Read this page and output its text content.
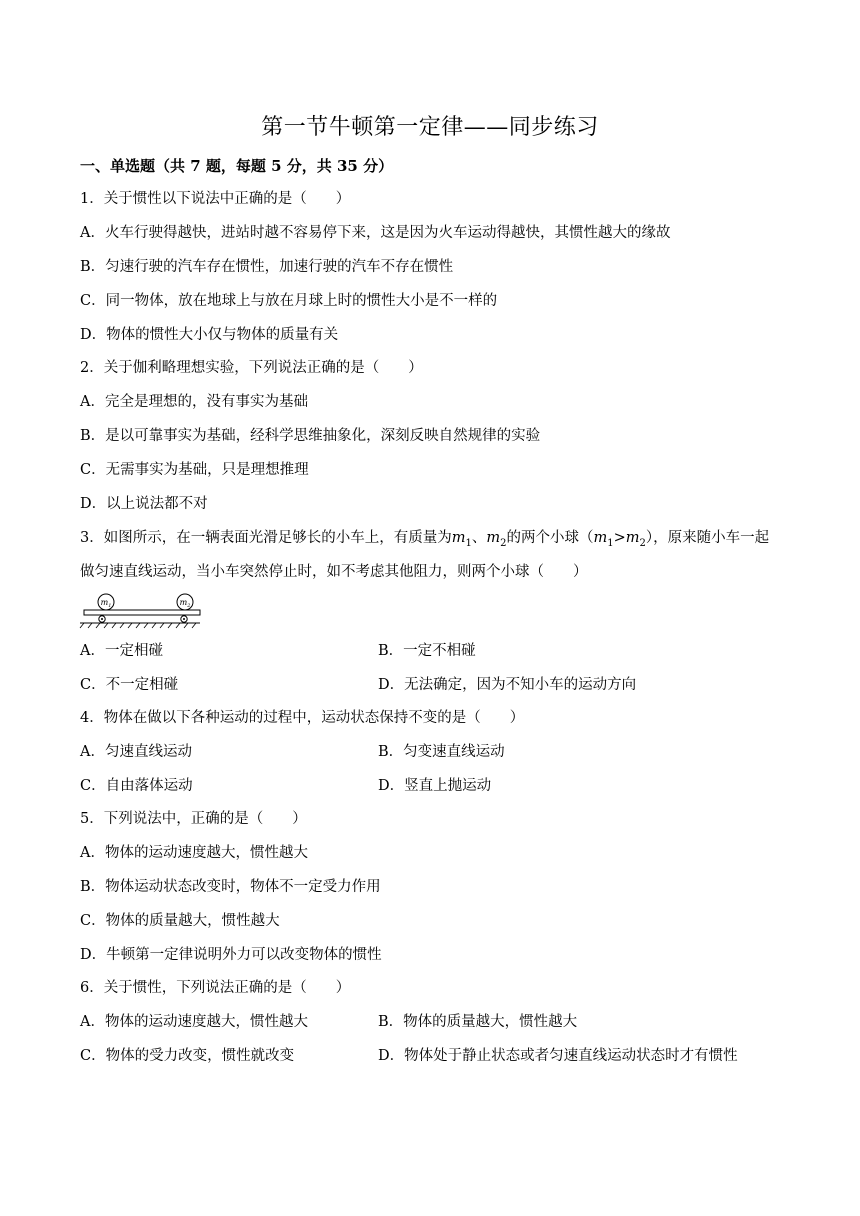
第一节牛顿第一定律——同步练习
一、单选题（共 7 题，每题 5 分，共 35 分）
1．关于惯性以下说法中正确的是（　　）
A．火车行驶得越快，进站时越不容易停下来，这是因为火车运动得越快，其惯性越大的缘故
B．匀速行驶的汽车存在惯性，加速行驶的汽车不存在惯性
C．同一物体，放在地球上与放在月球上时的惯性大小是不一样的
D．物体的惯性大小仅与物体的质量有关
2．关于伽利略理想实验，下列说法正确的是（　　）
A．完全是理想的，没有事实为基础
B．是以可靠事实为基础，经科学思维抽象化，深刻反映自然规律的实验
C．无需事实为基础，只是理想推理
D．以上说法都不对
3．如图所示，在一辆表面光滑足够长的小车上，有质量为$m_1$、$m_2$的两个小球$(m_1>m_2)$，原来随小车一起
做匀速直线运动，当小车突然停止时，如不考虑其他阻力，则两个小球（　　）
$m_1$	$m_2$
A．一定相碰	B．一定不相碰
C．不一定相碰	D．无法确定，因为不知小车的运动方向
4．物体在做以下各种运动的过程中，运动状态保持不变的是（　　）
A．匀速直线运动	B．匀变速直线运动
C．自由落体运动	D．竖直上抛运动
5．下列说法中，正确的是（　　）
A．物体的运动速度越大，惯性越大
B．物体运动状态改变时，物体不一定受力作用
C．物体的质量越大，惯性越大
D．牛顿第一定律说明外力可以改变物体的惯性
6．关于惯性，下列说法正确的是（　　）
A．物体的运动速度越大，惯性越大	B．物体的质量越大，惯性越大
C．物体的受力改变，惯性就改变	D．物体处于静止状态或者匀速直线运动状态时才有惯性
